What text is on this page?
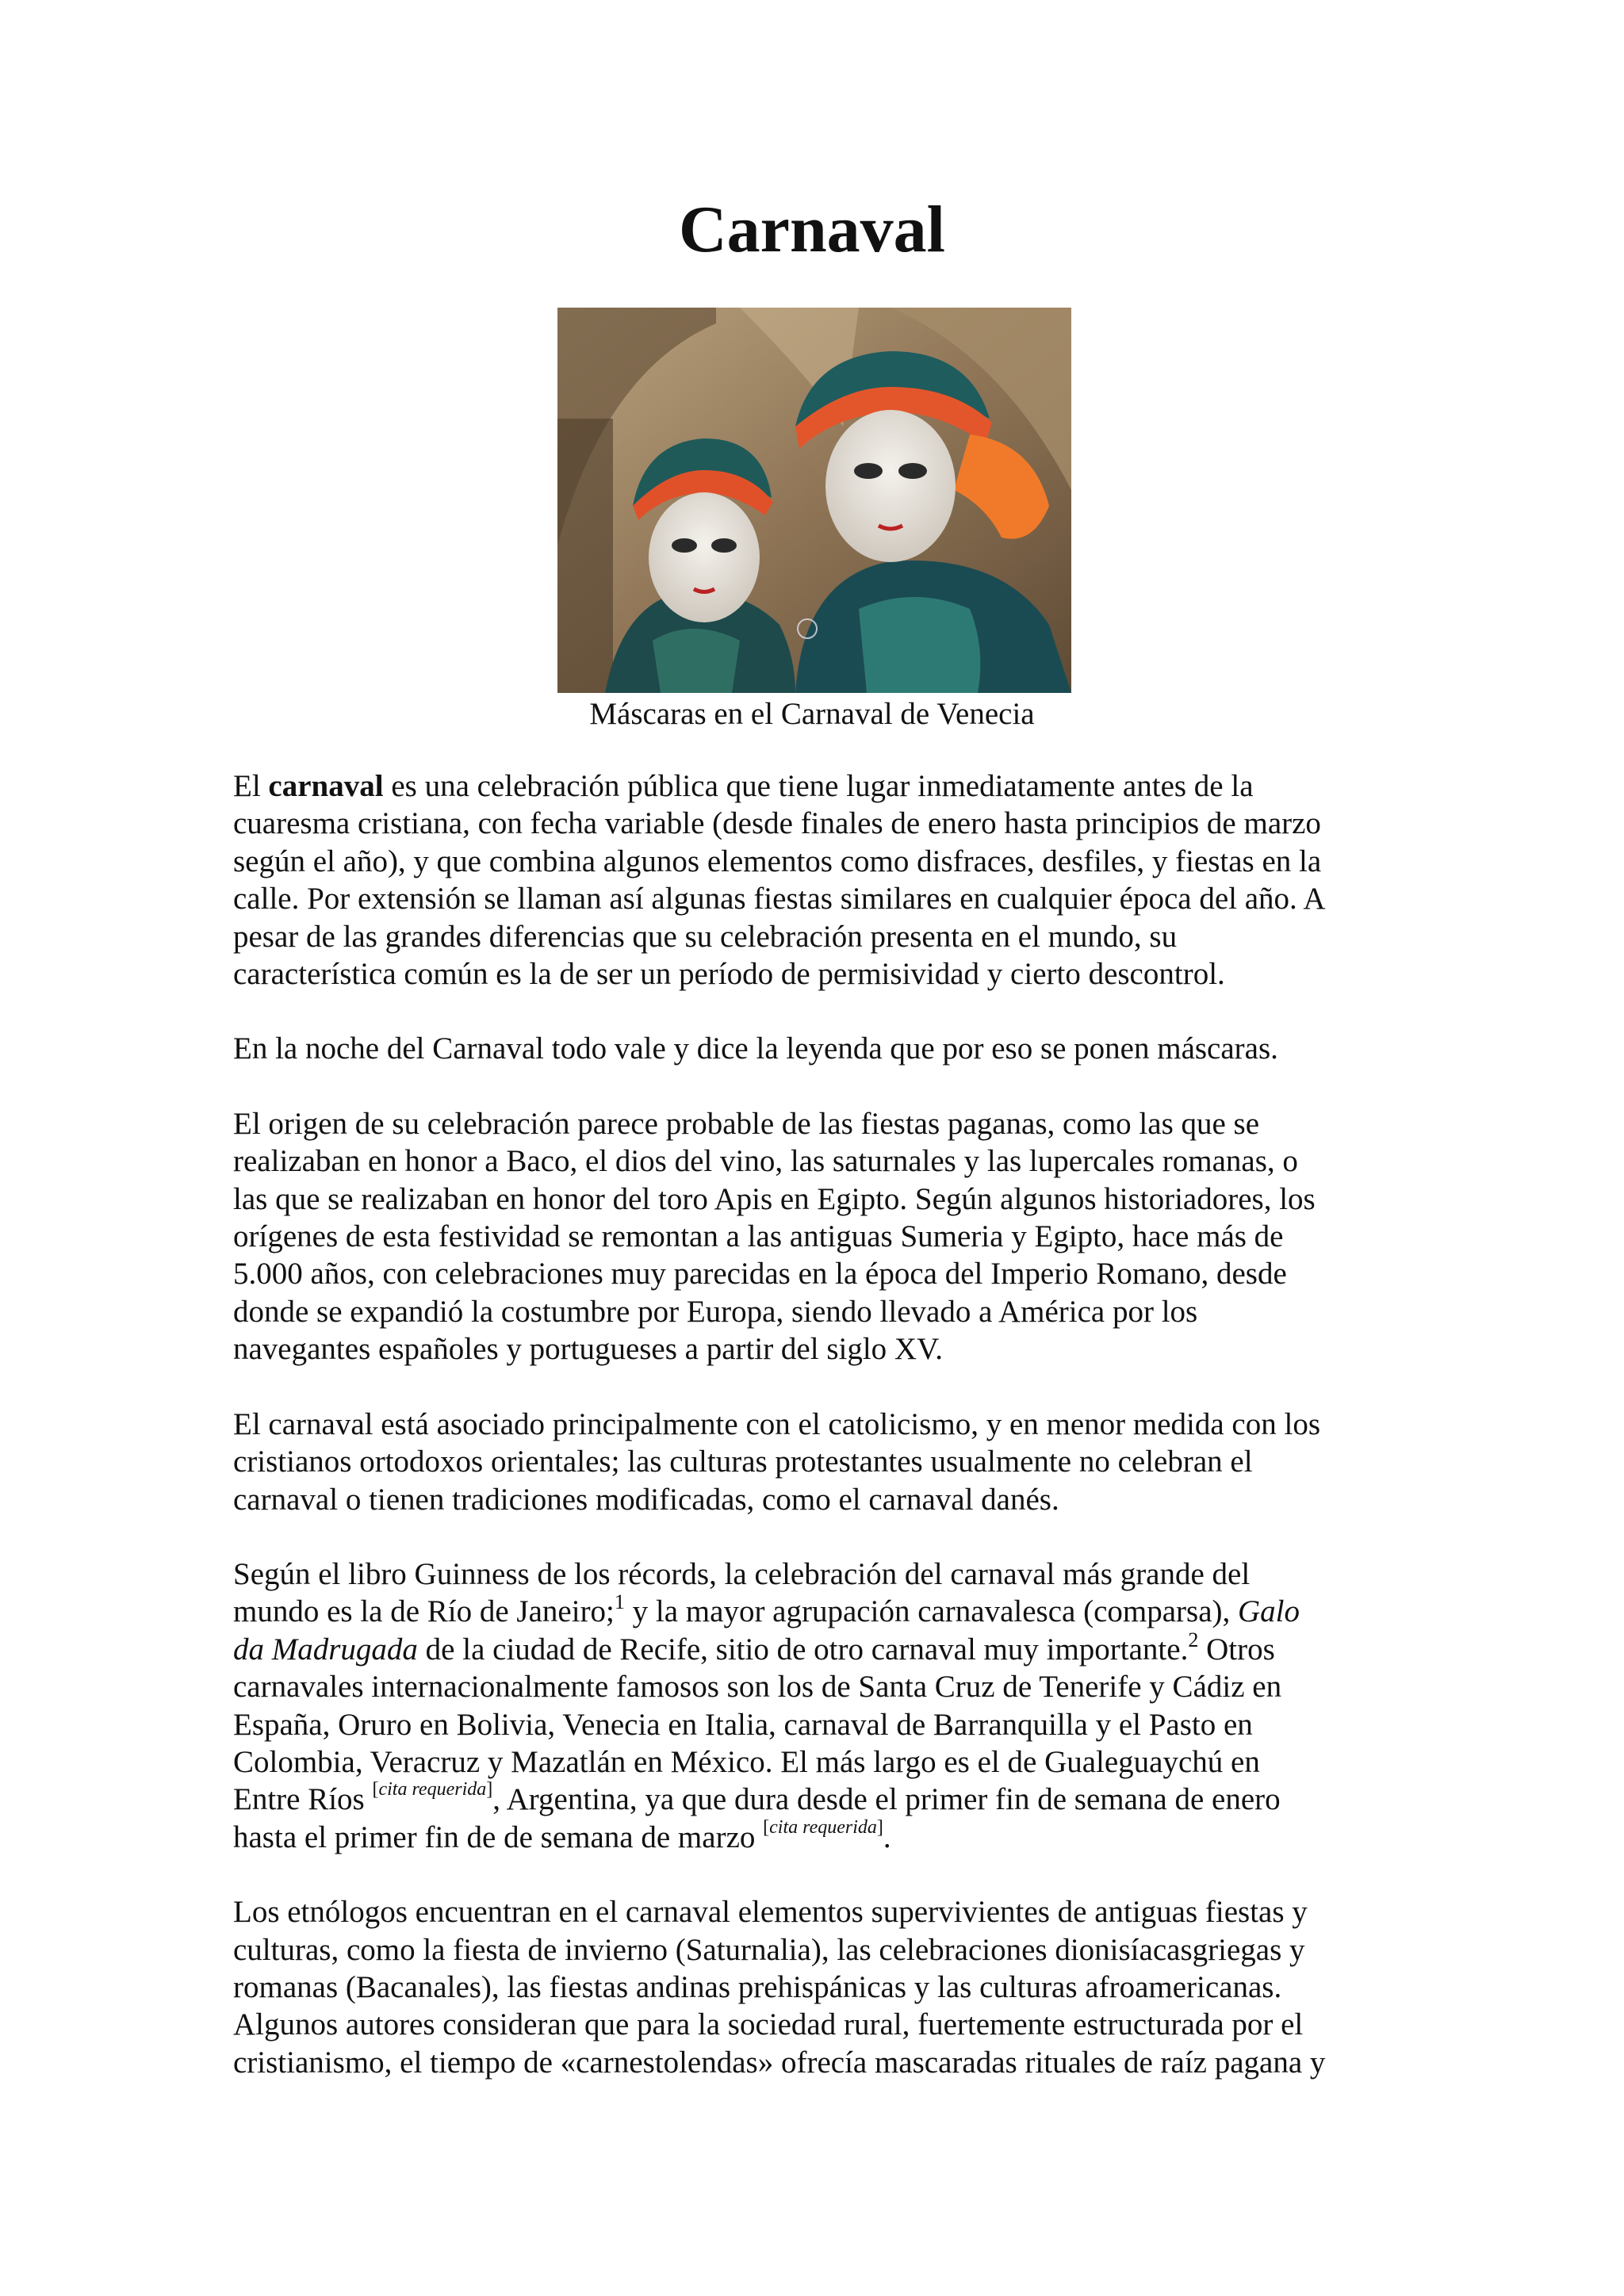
Carnaval
Máscaras en el Carnaval de Venecia

El carnaval es una celebración pública que tiene lugar inmediatamente antes de la
cuaresma cristiana, con fecha variable (desde finales de enero hasta principios de marzo
según el año), y que combina algunos elementos como disfraces, desfiles, y fiestas en la
calle. Por extensión se llaman así algunas fiestas similares en cualquier época del año. A
pesar de las grandes diferencias que su celebración presenta en el mundo, su
característica común es la de ser un período de permisividad y cierto descontrol.

En la noche del Carnaval todo vale y dice la leyenda que por eso se ponen máscaras.

El origen de su celebración parece probable de las fiestas paganas, como las que se
realizaban en honor a Baco, el dios del vino, las saturnales y las lupercales romanas, o
las que se realizaban en honor del toro Apis en Egipto. Según algunos historiadores, los
orígenes de esta festividad se remontan a las antiguas Sumeria y Egipto, hace más de
5.000 años, con celebraciones muy parecidas en la época del Imperio Romano, desde
donde se expandió la costumbre por Europa, siendo llevado a América por los
navegantes españoles y portugueses a partir del siglo XV.

El carnaval está asociado principalmente con el catolicismo, y en menor medida con los
cristianos ortodoxos orientales; las culturas protestantes usualmente no celebran el
carnaval o tienen tradiciones modificadas, como el carnaval danés.

Según el libro Guinness de los récords, la celebración del carnaval más grande del
mundo es la de Río de Janeiro;$^1$ y la mayor agrupación carnavalesca (comparsa), Galo
da Madrugada de la ciudad de Recife, sitio de otro carnaval muy importante.$^2$ Otros
carnavales internacionalmente famosos son los de Santa Cruz de Tenerife y Cádiz en
España, Oruro en Bolivia, Venecia en Italia, carnaval de Barranquilla y el Pasto en
Colombia, Veracruz y Mazatlán en México. El más largo es el de Gualeguaychú en
Entre Ríos [cita requerida], Argentina, ya que dura desde el primer fin de semana de enero
hasta el primer fin de de semana de marzo [cita requerida].

Los etnólogos encuentran en el carnaval elementos supervivientes de antiguas fiestas y
culturas, como la fiesta de invierno (Saturnalia), las celebraciones dionisíacasgriegas y
romanas (Bacanales), las fiestas andinas prehispánicas y las culturas afroamericanas.
Algunos autores consideran que para la sociedad rural, fuertemente estructurada por el
cristianismo, el tiempo de «carnestolendas» ofrecía mascaradas rituales de raíz pagana y
